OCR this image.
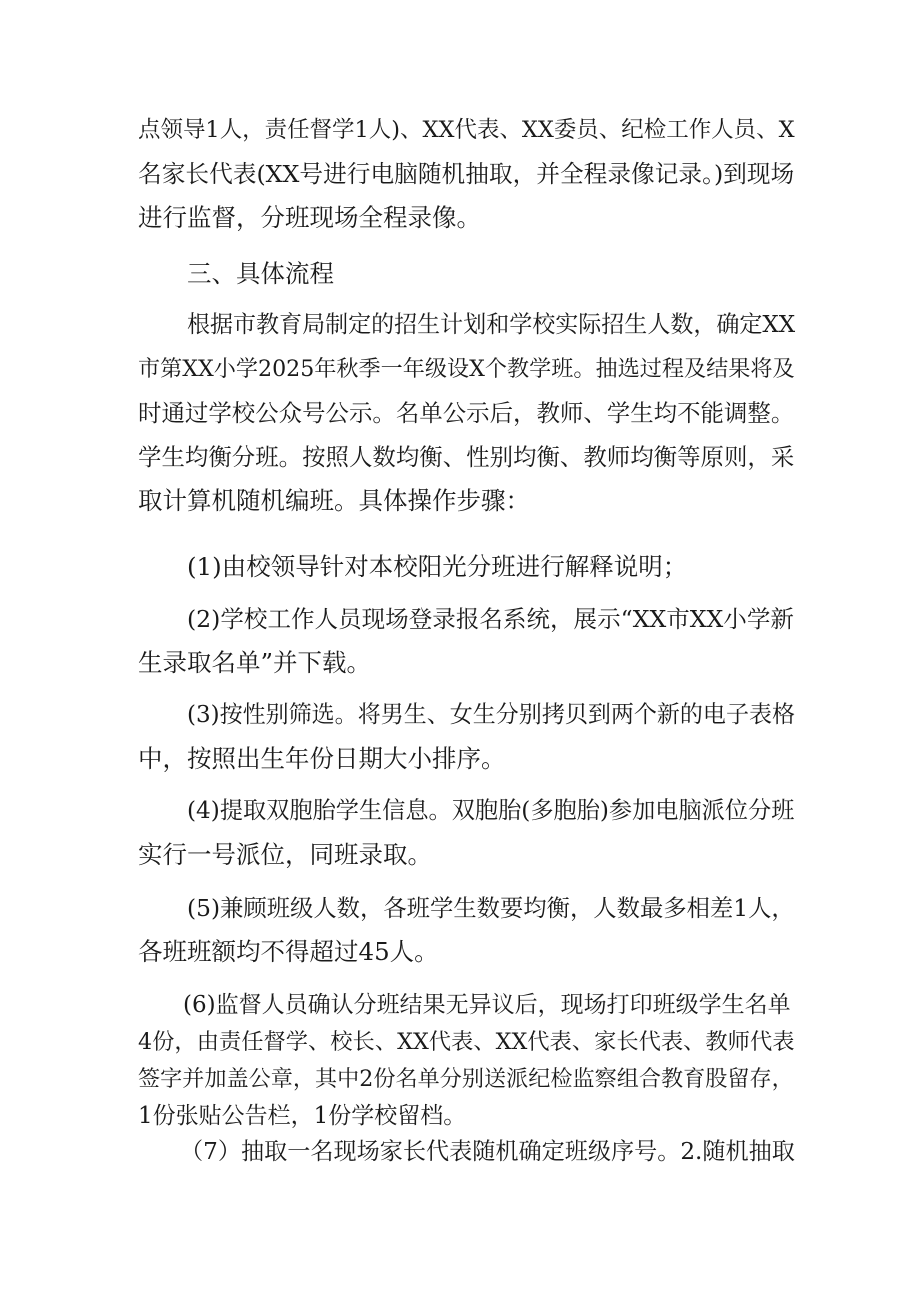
点领导1人，责任督学1人)、XX代表、XX委员、纪检工作人员、X
名家长代表(XX号进行电脑随机抽取，并全程录像记录。)到现场
进行监督，分班现场全程录像。

三、具体流程

根据市教育局制定的招生计划和学校实际招生人数，确定XX
市第XX小学2025年秋季一年级设X个教学班。抽选过程及结果将及
时通过学校公众号公示。名单公示后，教师、学生均不能调整。
学生均衡分班。按照人数均衡、性别均衡、教师均衡等原则，采
取计算机随机编班。具体操作步骤：

(1)由校领导针对本校阳光分班进行解释说明；

(2)学校工作人员现场登录报名系统，展示“XX市XX小学新
生录取名单”并下载。

(3)按性别筛选。将男生、女生分别拷贝到两个新的电子表格
中，按照出生年份日期大小排序。

(4)提取双胞胎学生信息。双胞胎(多胞胎)参加电脑派位分班
实行一号派位，同班录取。

(5)兼顾班级人数，各班学生数要均衡，人数最多相差1人，
各班班额均不得超过45人。

(6)监督人员确认分班结果无异议后，现场打印班级学生名单
4份，由责任督学、校长、XX代表、XX代表、家长代表、教师代表
签字并加盖公章，其中2份名单分别送派纪检监察组合教育股留存，
1份张贴公告栏，1份学校留档。

（7）抽取一名现场家长代表随机确定班级序号。2.随机抽取
